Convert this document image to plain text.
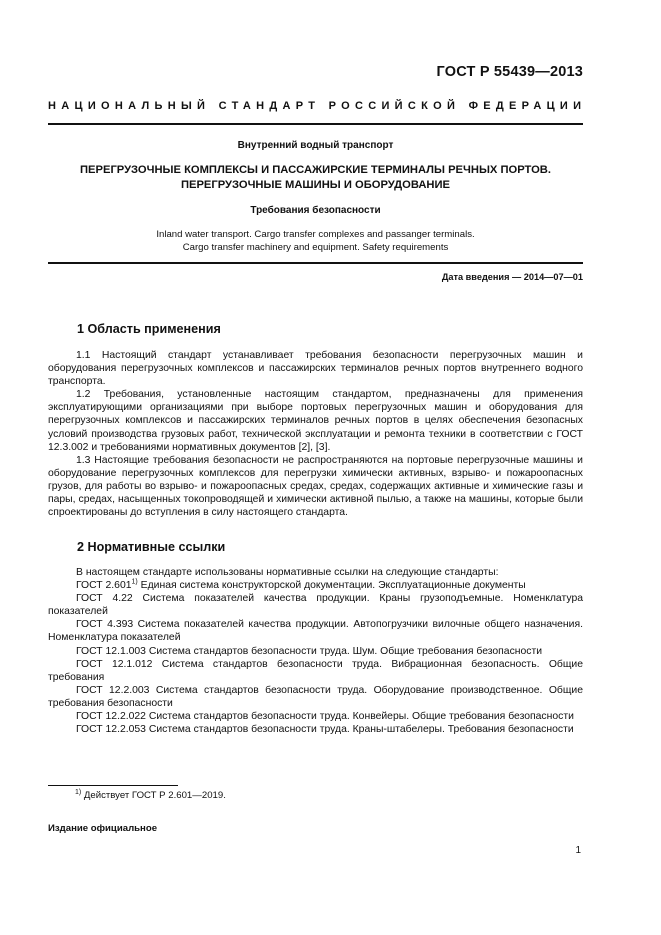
ГОСТ Р 55439—2013
НАЦИОНАЛЬНЫЙ СТАНДАРТ РОССИЙСКОЙ ФЕДЕРАЦИИ
Внутренний водный транспорт
ПЕРЕГРУЗОЧНЫЕ КОМПЛЕКСЫ И ПАССАЖИРСКИЕ ТЕРМИНАЛЫ РЕЧНЫХ ПОРТОВ.
ПЕРЕГРУЗОЧНЫЕ МАШИНЫ И ОБОРУДОВАНИЕ
Требования безопасности
Inland water transport. Cargo transfer complexes and passanger terminals.
Cargo transfer machinery and equipment. Safety requirements
Дата введения — 2014—07—01
1 Область применения

1.1 Настоящий стандарт устанавливает требования безопасности перегрузочных машин и оборудования перегрузочных комплексов и пассажирских терминалов речных портов внутреннего водного транспорта.

1.2 Требования, установленные настоящим стандартом, предназначены для применения эксплуатирующими организациями при выборе портовых перегрузочных машин и оборудования для перегрузочных комплексов и пассажирских терминалов речных портов в целях обеспечения безопасных условий производства грузовых работ, технической эксплуатации и ремонта техники в соответствии с ГОСТ 12.3.002 и требованиями нормативных документов [2], [3].

1.3 Настоящие требования безопасности не распространяются на портовые перегрузочные машины и оборудование перегрузочных комплексов для перегрузки химически активных, взрыво- и пожароопасных грузов, для работы во взрыво- и пожароопасных средах, средах, содержащих активные и химические газы и пары, средах, насыщенных токопроводящей и химически активной пылью, а также на машины, которые были спроектированы до вступления в силу настоящего стандарта.

2 Нормативные ссылки

В настоящем стандарте использованы нормативные ссылки на следующие стандарты:

ГОСТ 2.601$^{1)}$ Единая система конструкторской документации. Эксплуатационные документы

ГОСТ 4.22 Система показателей качества продукции. Краны грузоподъемные. Номенклатура показателей

ГОСТ 4.393 Система показателей качества продукции. Автопогрузчики вилочные общего назначения. Номенклатура показателей

ГОСТ 12.1.003 Система стандартов безопасности труда. Шум. Общие требования безопасности

ГОСТ 12.1.012 Система стандартов безопасности труда. Вибрационная безопасность. Общие требования

ГОСТ 12.2.003 Система стандартов безопасности труда. Оборудование производственное. Общие требования безопасности

ГОСТ 12.2.022 Система стандартов безопасности труда. Конвейеры. Общие требования безопасности

ГОСТ 12.2.053 Система стандартов безопасности труда. Краны-штабелеры. Требования безопасности

$^{1)}$ Действует ГОСТ Р 2.601—2019.
Издание официальное
1
